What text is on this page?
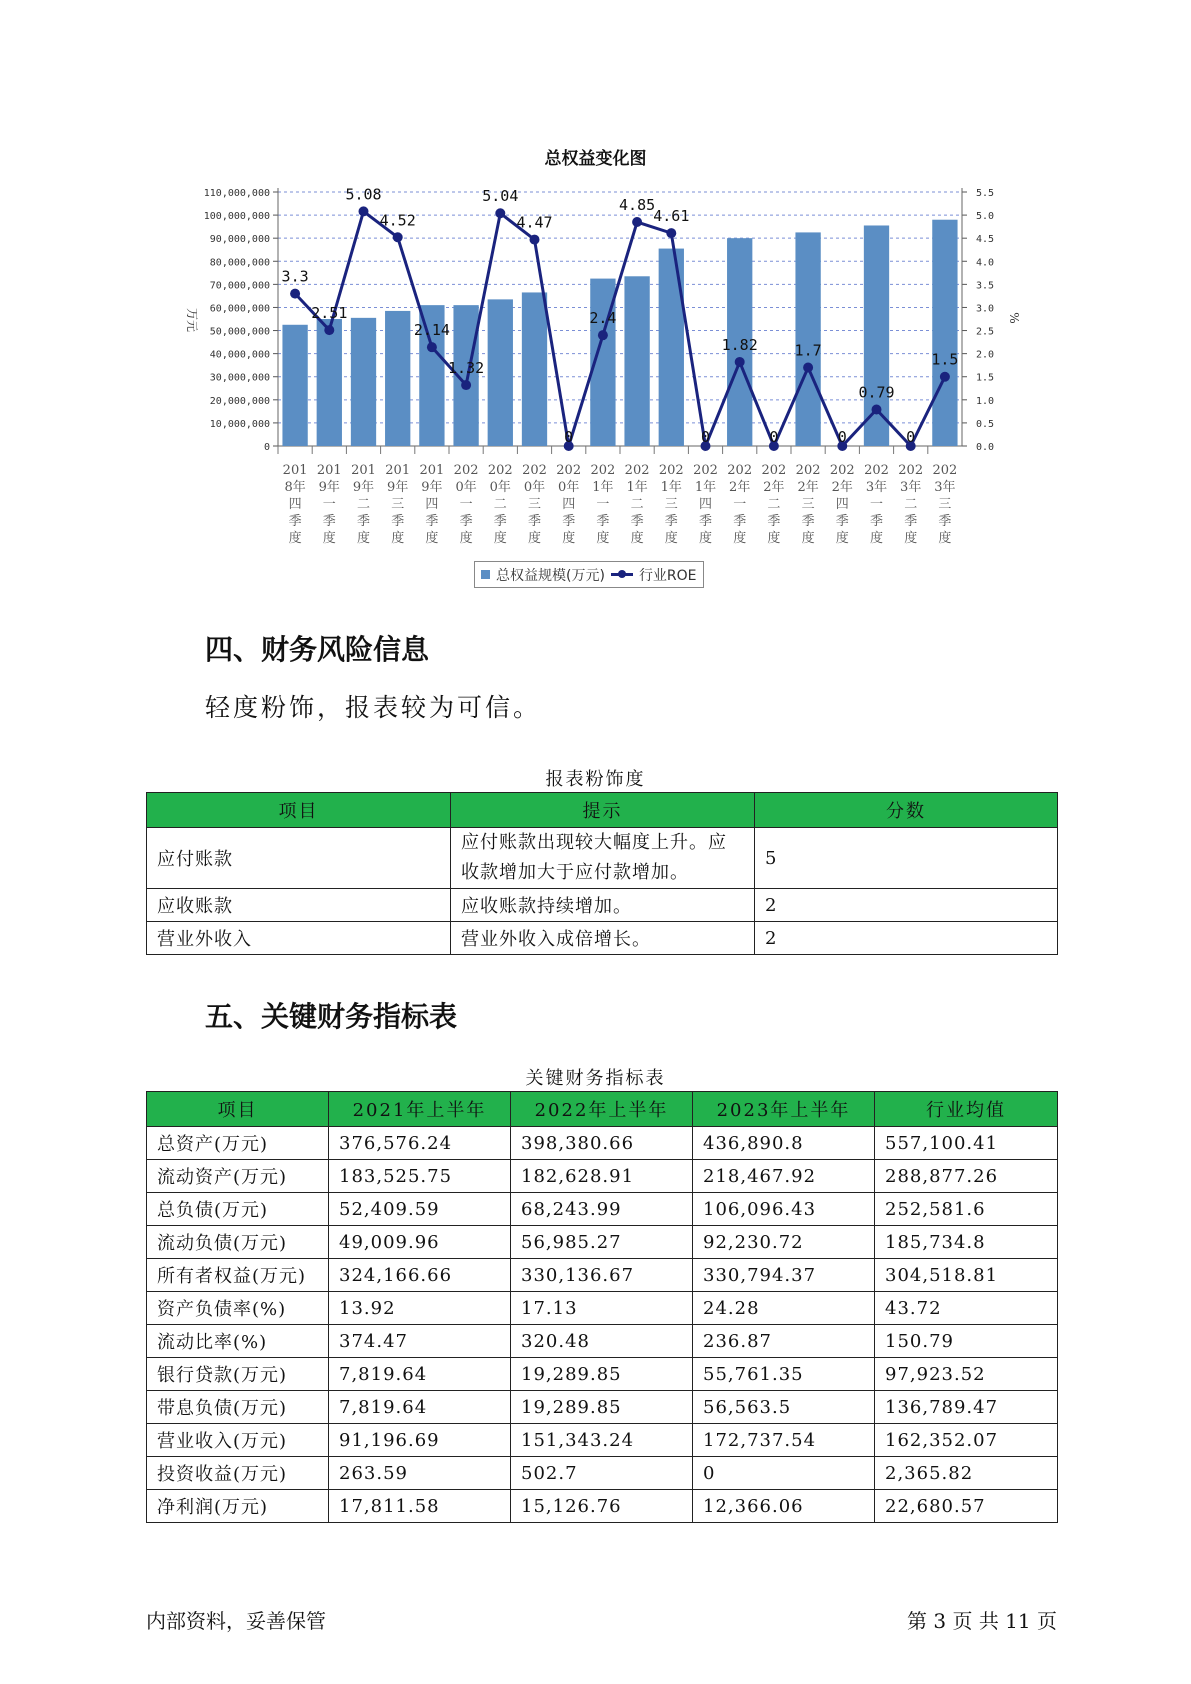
总权益变化图
0
10,000,000
20,000,000
30,000,000
40,000,000
50,000,000
60,000,000
70,000,000
80,000,000
90,000,000
100,000,000
110,000,000
0.0
0.5
1.0
1.5
2.0
2.5
3.0
3.5
4.0
4.5
5.0
5.5
万元	%
201 8年四季度
201 9年一季度
201 9年二季度
201 9年三季度
201 9年四季度
202 0年一季度
202 0年二季度
202 0年三季度
202 0年四季度
202 1年一季度
202 1年二季度
202 1年三季度
202 1年四季度
202 2年一季度
202 2年二季度
202 2年三季度
202 2年四季度
202 3年一季度
202 3年二季度
202 3年三季度
3.3
2.51
5.08
4.52
2.14
1.32
5.04
4.47
0
2.4
4.85
4.61
0
1.82
0
1.7
0
0.79
0
1.5
总权益规模(万元) 行业ROE
四、财务风险信息
轻度粉饰，报表较为可信。
报表粉饰度
项目	提示	分数
应付账款	应付账款出现较大幅度上升。应收款增加大于应付款增加。	5
应收账款	应收账款持续增加。	2
营业外收入	营业外收入成倍增长。	2
五、关键财务指标表
关键财务指标表
项目	2021年上半年	2022年上半年	2023年上半年	行业均值
总资产(万元)	376,576.24	398,380.66	436,890.8	557,100.41
流动资产(万元)	183,525.75	182,628.91	218,467.92	288,877.26
总负债(万元)	52,409.59	68,243.99	106,096.43	252,581.6
流动负债(万元)	49,009.96	56,985.27	92,230.72	185,734.8
所有者权益(万元)	324,166.66	330,136.67	330,794.37	304,518.81
资产负债率(%)	13.92	17.13	24.28	43.72
流动比率(%)	374.47	320.48	236.87	150.79
银行贷款(万元)	7,819.64	19,289.85	55,761.35	97,923.52
带息负债(万元)	7,819.64	19,289.85	56,563.5	136,789.47
营业收入(万元)	91,196.69	151,343.24	172,737.54	162,352.07
投资收益(万元)	263.59	502.7	0	2,365.82
净利润(万元)	17,811.58	15,126.76	12,366.06	22,680.57
内部资料，妥善保管	第 3 页 共 11 页
